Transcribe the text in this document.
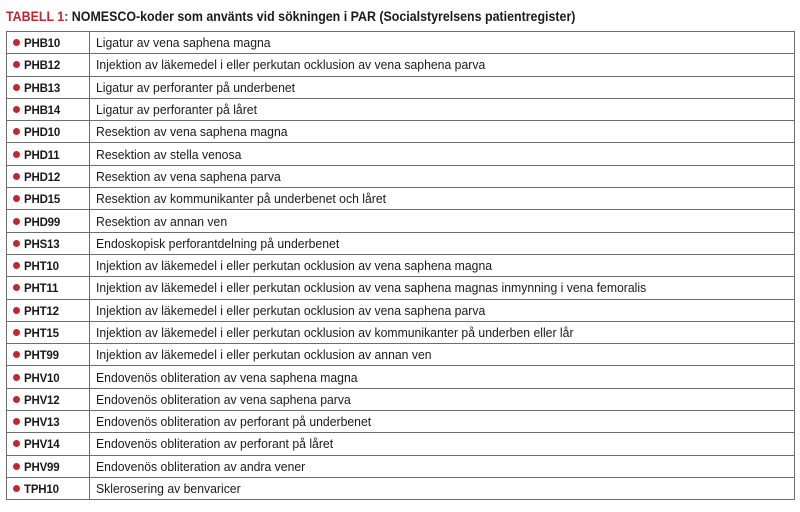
TABELL 1: NOMESCO-koder som använts vid sökningen i PAR (Socialstyrelsens patientregister)
PHB10	Ligatur av vena saphena magna
PHB12	Injektion av läkemedel i eller perkutan ocklusion av vena saphena parva
PHB13	Ligatur av perforanter på underbenet
PHB14	Ligatur av perforanter på låret
PHD10	Resektion av vena saphena magna
PHD11	Resektion av stella venosa
PHD12	Resektion av vena saphena parva
PHD15	Resektion av kommunikanter på underbenet och låret
PHD99	Resektion av annan ven
PHS13	Endoskopisk perforantdelning på underbenet
PHT10	Injektion av läkemedel i eller perkutan ocklusion av vena saphena magna
PHT11	Injektion av läkemedel i eller perkutan ocklusion av vena saphena magnas inmynning i vena femoralis
PHT12	Injektion av läkemedel i eller perkutan ocklusion av vena saphena parva
PHT15	Injektion av läkemedel i eller perkutan ocklusion av kommunikanter på underben eller lår
PHT99	Injektion av läkemedel i eller perkutan ocklusion av annan ven
PHV10	Endovenös obliteration av vena saphena magna
PHV12	Endovenös obliteration av vena saphena parva
PHV13	Endovenös obliteration av perforant på underbenet
PHV14	Endovenös obliteration av perforant på låret
PHV99	Endovenös obliteration av andra vener
TPH10	Sklerosering av benvaricer
